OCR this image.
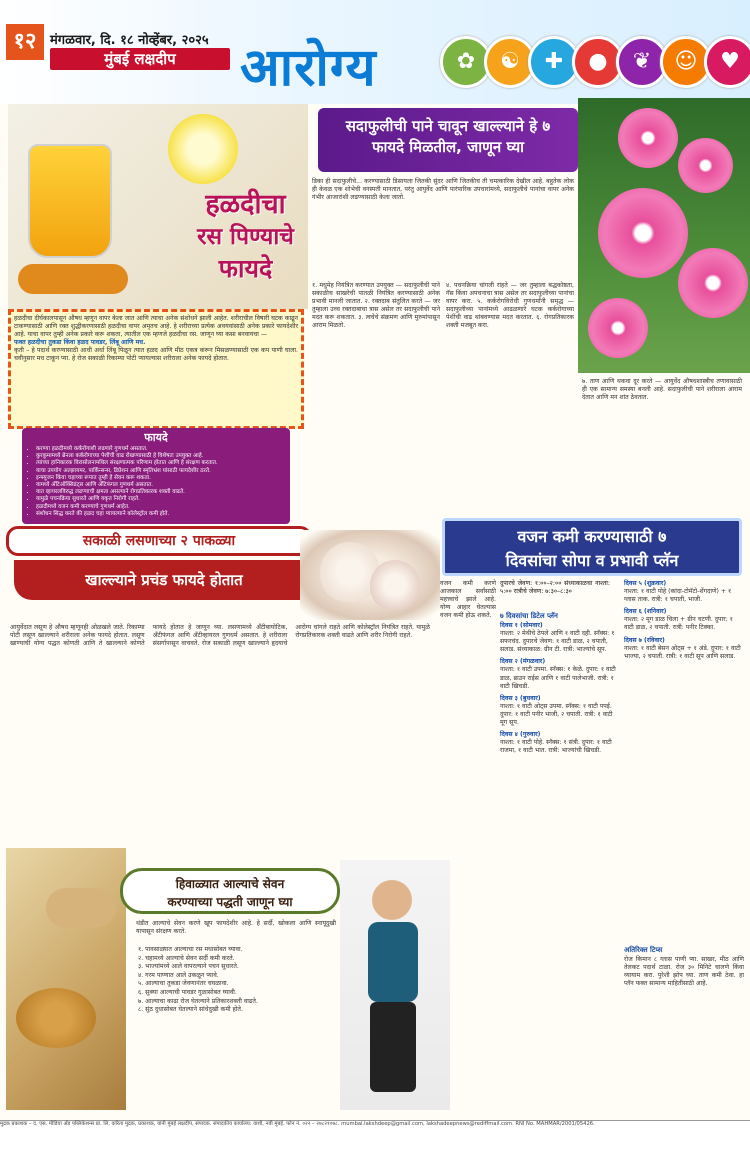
१२	मंगळवार, दि. १८ नोव्हेंबर, २०२५
मुंबई लक्षदीप	आरोग्य	✿	☯	✚	●	❦	☺	♥
हळदीचा
रस पिण्याचे
फायदे
हळदीचा दीर्घकालपासून औषध म्हणून वापर केला जात आणि त्याचा अनेक संशोधने झाली आहेत. शरीराचील विषारी घटक काढून टाकण्यासाठी आणि रक्त शुद्धीकरणासाठी हळदीचा वापर अमृतच आहे. हे शरीराच्या प्रत्येक अवयवांसाठी अनेक प्रकारे फायदेशीर आहे. याचा वापर तुम्ही अनेक प्रकारे करू शकता, त्यातील एक म्हणजे हळदीचा रस. जाणून घ्या कसा बनवायचा —
फक्त हळदीचा तुकडा किंवा हळद पावडर, लिंबू आणि मध.
कृती – हे पदार्थ करण्यासाठी आधी अर्धा लिंबू पिळून त्यात हळद आणि मीठ एकत्र करून मिसळण्यासाठी एक कप पाणी घाला. चवीनुसार मध टाकून प्या. हे रोज सकाळी रिकाम्या पोटी प्यायल्यास शरीराला अनेक फायदे होतात.
फायदे
• करण्या हळदीमध्ये कर्करोगाशी लढणारे गुणधर्म असतात.
• कुरकुमामध्ये ब्रेनला कर्करोगाच्या पेशींची वाढ रोखण्यासाठी हे विशेषतः उपयुक्त आहे.
• त्यांच्या हानिकारक विरासोलनामधिल संरक्षणात्मक परिणाम होतात आणि हे संरक्षण करतात.
• याचा उपयोग अल्झायमर, पार्किन्सन्स, डिप्रेशन आणि स्मृतिभ्रंश यांसाठी फायदेशीर ठरते.
• इन्फ्युजन किंवा चहाच्या रूपात तुम्ही हे सेवन करू शकता.
• यामध्ये अँटिऑक्सिडंट्स आणि अँटिफंगल गुणधर्म असतात.
• यात व्हायरलविरुद्ध लढण्याची क्षमता असल्याने रोगप्रतिकारक शक्ती वाढते.
• यामुळे पचनक्रिया सुधारते आणि यकृत निरोगी राहते.
• हळदीमध्ये वजन कमी करण्याचे गुणधर्म आहेत.
• संशोधन सिद्ध करते की हळद चहा प्यायल्याने कोलेस्ट्रॉल कमी होते.
सदाफुलीची पाने चावून खाल्ल्याने हे ७ फायदे मिळतील, जाणून घ्या
डिका ही सदाफुलीचे... करण्यासाठी डिसायला जितकी सुंदर आणि जितकीच ती चमत्कारिक देखील आहे. बहुतेक लोक ही केवळ एक शोभेची वनस्पती मानतात, परंतु आयुर्वेद आणि पारंपारिक उपचारांमध्ये, सदाफुलीचे पानांचा वापर अनेक गंभीर आजारांशी लढण्यासाठी केला जातो.
१. मधुमेह नियंत्रित करण्यात उपयुक्त — सदाफुलीची पाने सकाळीच साखरेची पातळी नियंत्रित करण्यासाठी अनेक प्रभावी मानली जातात. २. रक्तदाब संतुलित करते — जर तुम्हाला उच्च रक्तदाबाचा त्रास असेल तर सदाफुलीची पाने मदत करू शकतात. ३. त्वचेचे संक्रमण आणि मुरुमांपासून आराम मिळतो.
४. पचनक्रिया चांगली राहते — जर तुम्हाला बद्धकोष्ठता, गॅस किंवा अपचनाचा त्रास असेल तर सदाफुलीच्या पानांचा वापर करा. ५. कर्करोगविरोधी गुणधर्मांनी समृद्ध — सदाफुलीच्या पानांमध्ये आढळणारे घटक कर्करोगाच्या पेशींची वाढ थांबवण्यास मदत करतात. ६. रोगप्रतिकारक शक्ती मजबूत करा.
७. ताण आणि थकवा दूर करते — आयुर्वेद औषधशास्त्रीच तणावासाठी ही एक सामान्य समस्या बनली आहे. सदाफुलीची पाने शरीराला आराम देतात आणि मन शांत ठेवतात.
सकाळी लसणाच्या २ पाकळ्या
खाल्ल्याने प्रचंड फायदे होतात
आयुर्वेदात लसूण हे औषध म्हणूनही ओळखले जाते. रिकाम्या पोटी लसूण खाल्ल्याने शरीराला अनेक फायदे होतात. लसूण खाण्याची योग्य पद्धत कोणती आणि ते खाल्ल्याने कोणते फायदे होतात हे जाणून घ्या. लसणामध्ये अँटीबायोटिक, अँटीफंगल आणि अँटीव्हायरल गुणधर्म असतात. हे शरीराला संसर्गापासून वाचवते. रोज सकाळी लसूण खाल्ल्याने हृदयाचे आरोग्य चांगले राहते आणि कोलेस्ट्रॉल नियंत्रित राहते. यामुळे रोगप्रतिकारक शक्ती वाढते आणि शरीर निरोगी राहते.
हिवाळ्यात आल्याचे सेवन
करण्याच्या पद्धती जाणून घ्या
थंडीत आल्याचे सेवन करणे खूप फायदेशीर आहे. हे सर्दी, खोकला आणि स्नायूदुखी यापासून संरक्षण करते.
१. पावसाळ्यात आल्याचा रस मधासोबत घ्यावा.
२. चहामध्ये आल्याचे सेवन सर्दी कमी करते.
३. भाज्यांमध्ये आले वापरल्याने पचन सुधारते.
४. गरम पाण्यात आले उकळून प्यावे.
५. आल्याचा तुकडा जेवणानंतर चघळावा.
६. सुक्या आल्याची पावडर गुळासोबत घ्यावी.
७. आल्याचा काढा रोज घेतल्याने प्रतिकारशक्ती वाढते.
८. सुंठ दुधासोबत घेतल्याने सांधेदुखी कमी होते.
वजन कमी करण्यासाठी ७
दिवसांचा सोपा व प्रभावी प्लॅन
वजन कमी करणे आजकाल सर्वांसाठी महत्त्वाचे झाले आहे. योग्य आहार घेतल्यास वजन कमी होऊ शकते.
दुपारचे जेवण: १:००–२:०० संध्याकाळचा नाश्ता: ५:०० रात्रीचे जेवण: ७:३०–८:३०
७ दिवसांचा डिटेल प्लॅन
दिवस १ (सोमवार)
नाश्ता: २ मेथीचे ठेपले आणि १ वाटी दही. स्नॅक्स: १ सफरचंद. दुपारचे जेवण: १ वाटी डाळ, २ चपाती, सलाड. संध्याकाळ: ग्रीन टी. रात्री: भाज्यांचे सूप.
दिवस २ (मंगळवार)
नाश्ता: १ वाटी उपमा. स्नॅक्स: १ केळे. दुपार: १ वाटी डाळ, ब्राउन राईस आणि १ वाटी पालेभाजी. रात्री: १ वाटी खिचडी.
दिवस ३ (बुधवार)
नाश्ता: १ वाटी ओट्स उपमा. स्नॅक्स: १ वाटी पपई. दुपार: १ वाटी पनीर भाजी, २ चपाती. रात्री: १ वाटी मूग सूप.
दिवस ४ (गुरुवार)
नाश्ता: १ वाटी पोहे. स्नॅक्स: १ संत्री. दुपार: १ वाटी राजमा, १ वाटी भात. रात्री: भाज्यांची खिचडी.
दिवस ५ (शुक्रवार)
नाश्ता: १ वाटी पोहे (कांदा-टोमॅटो-शेंगदाणे) + १ ग्लास ताक. रात्री: १ चपाती, भाजी.
दिवस ६ (शनिवार)
नाश्ता: २ मूग डाळ चिला + ग्रीन चटणी. दुपार: १ वाटी डाळ, २ चपाती. रात्री: पनीर टिक्का.
दिवस ७ (रविवार)
नाश्ता: १ वाटी बेसन ओट्स + १ अंडे. दुपार: १ वाटी भाज्या, २ चपाती. रात्री: १ वाटी सूप आणि सलाड.
अतिरिक्त टिप्स
रोज किमान ८ ग्लास पाणी प्या. साखर, मीठ आणि तेलकट पदार्थ टाळा. रोज ३० मिनिटे चालणे किंवा व्यायाम करा. पुरेशी झोप घ्या. ताण कमी ठेवा. हा प्लॅन फक्त सामान्य माहितीसाठी आहे.
मुद्रक प्रकाशक – द. एस. मीडिया अँड पब्लिकेशन्स प्रा. लि. करिता मुद्रक, प्रकाशक, यांनी मुंबई लक्षदीप, संपादक. संपादकीय कार्यालय: वाशी, नवी मुंबई. फोन नं. ०२२ – २७८२१०७८. mumbai.lakshdeep@gmail.com, lakshadeepnews@rediffmail.com. RNI No. MAHMAR/2001/05426.
